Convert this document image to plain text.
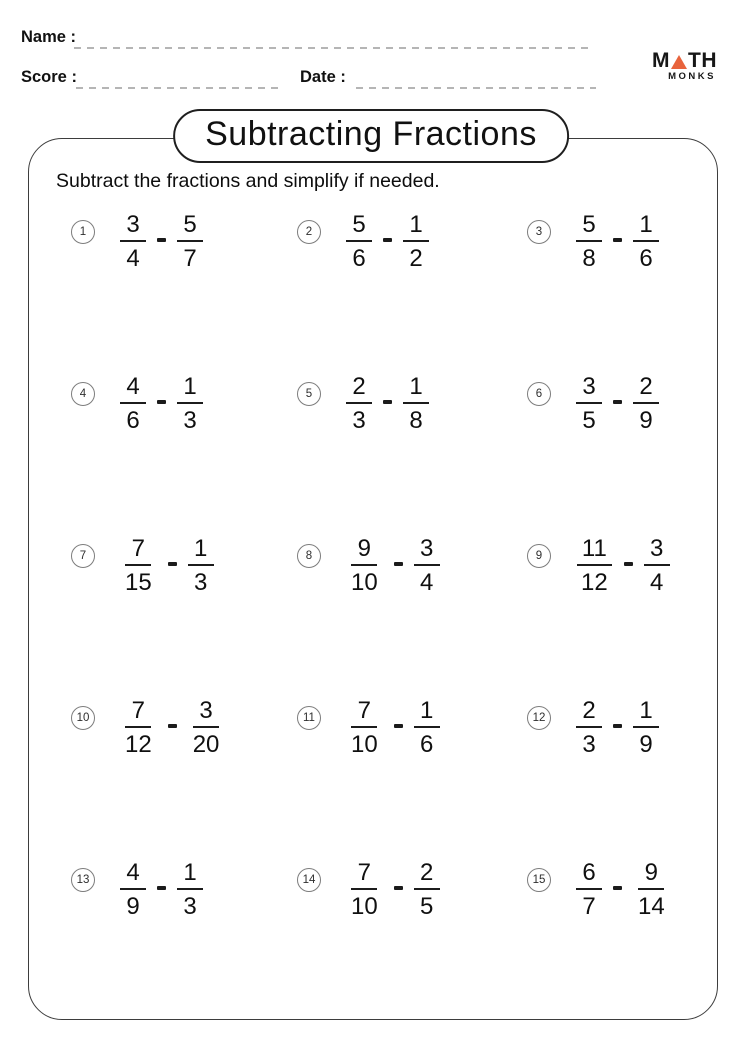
Name :
Score :	Date :
M TH
MONKS
Subtracting Fractions
Subtract the fractions and simplify if needed.
1	$\frac{3}{4} \frac{5}{7}$	2	$\frac{5}{6} \frac{1}{2}$	3	$\frac{5}{8} \frac{1}{6}$
4	$\frac{4}{6} \frac{1}{3}$	5	$\frac{2}{3} \frac{1}{8}$	6	$\frac{3}{5} \frac{2}{9}$
7	$\frac{7}{15} \frac{1}{3}$	8	$\frac{9}{10} \frac{3}{4}$	9	$\frac{11}{12} \frac{3}{4}$
$10 \frac{7}{12} \frac{3}{20}$	$11 \frac{7}{10} \frac{1}{6}$	$12 \frac{2}{3} \frac{1}{9}$
$13 \frac{4}{9} \frac{1}{3}$	$14 \frac{7}{10} \frac{2}{5}$	$15 \frac{6}{7} \frac{9}{14}$
